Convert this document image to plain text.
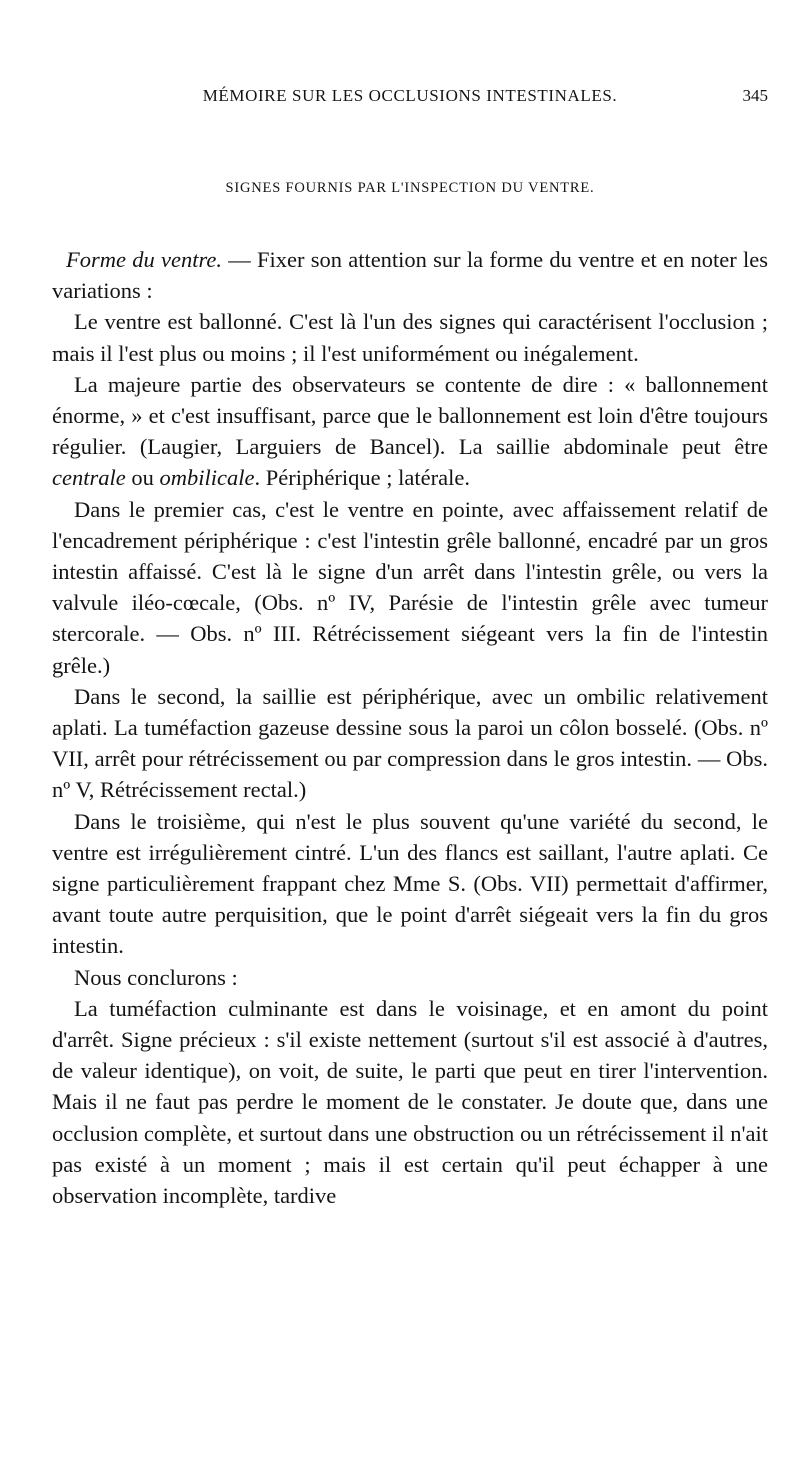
MÉMOIRE SUR LES OCCLUSIONS INTESTINALES.	345
SIGNES FOURNIS PAR L'INSPECTION DU VENTRE.

Forme du ventre. — Fixer son attention sur la forme du ventre et en noter les variations :

Le ventre est ballonné. C'est là l'un des signes qui caractérisent l'occlusion ; mais il l'est plus ou moins ; il l'est uniformément ou inégalement.

La majeure partie des observateurs se contente de dire : « ballonnement énorme, » et c'est insuffisant, parce que le ballonnement est loin d'être toujours régulier. (Laugier, Larguiers de Bancel). La saillie abdominale peut être centrale ou ombilicale. Périphérique ; latérale.

Dans le premier cas, c'est le ventre en pointe, avec affaissement relatif de l'encadrement périphérique : c'est l'intestin grêle ballonné, encadré par un gros intestin affaissé. C'est là le signe d'un arrêt dans l'intestin grêle, ou vers la valvule iléo-cœcale, (Obs. nº IV, Parésie de l'intestin grêle avec tumeur stercorale. — Obs. nº III. Rétrécissement siégeant vers la fin de l'intestin grêle.)

Dans le second, la saillie est périphérique, avec un ombilic relativement aplati. La tuméfaction gazeuse dessine sous la paroi un côlon bosselé. (Obs. nº VII, arrêt pour rétrécissement ou par compression dans le gros intestin. — Obs. nº V, Rétrécissement rectal.)

Dans le troisième, qui n'est le plus souvent qu'une variété du second, le ventre est irrégulièrement cintré. L'un des flancs est saillant, l'autre aplati. Ce signe particulièrement frappant chez Mme S. (Obs. VII) permettait d'affirmer, avant toute autre perquisition, que le point d'arrêt siégeait vers la fin du gros intestin.

Nous conclurons :

La tuméfaction culminante est dans le voisinage, et en amont du point d'arrêt. Signe précieux : s'il existe nettement (surtout s'il est associé à d'autres, de valeur identique), on voit, de suite, le parti que peut en tirer l'intervention. Mais il ne faut pas perdre le moment de le constater. Je doute que, dans une occlusion complète, et surtout dans une obstruction ou un rétrécissement il n'ait pas existé à un moment ; mais il est certain qu'il peut échapper à une observation incomplète, tardive
